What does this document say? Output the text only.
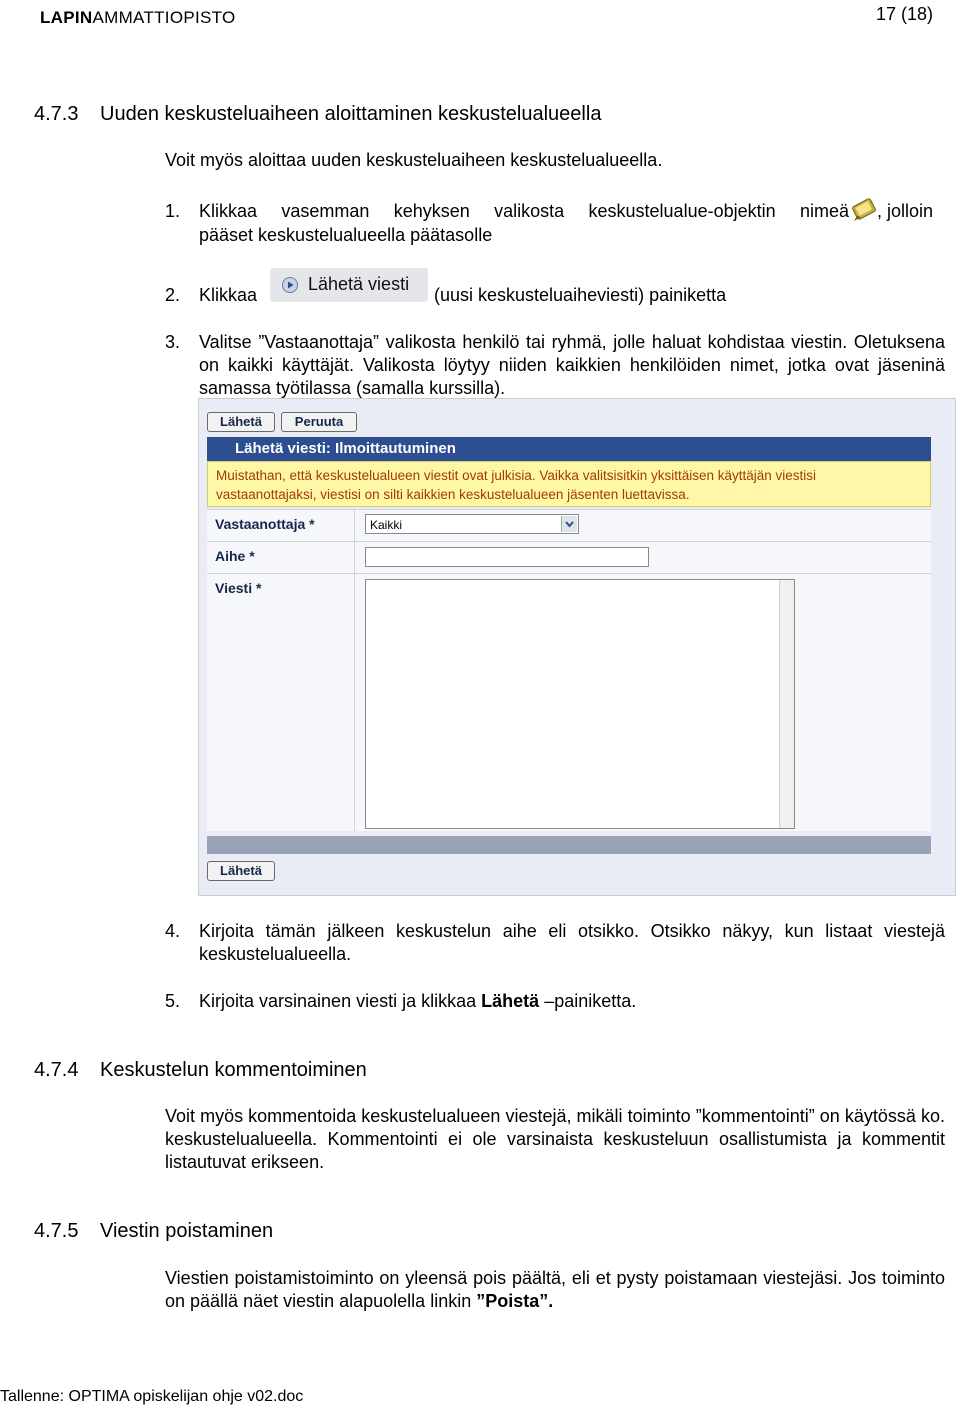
LAPINAMMATTIOPISTO	17 (18)
4.7.3 Uuden keskusteluaiheen aloittaminen keskustelualueella
Voit myös aloittaa uuden keskusteluaiheen keskustelualueella.
1. Klikkaa vasemman kehyksen valikosta keskustelualue-objektin nimeä , jolloin
pääset keskustelualueella päätasolle
2. Klikkaa
Lähetä viesti
(uusi keskusteluaiheviesti) painiketta
3. Valitse ”Vastaanottaja” valikosta henkilö tai ryhmä, jolle haluat kohdistaa viestin. Oletuksena on kaikki käyttäjät. Valikosta löytyy niiden kaikkien henkilöiden nimet, jotka ovat jäseninä samassa työtilassa (samalla kurssilla).
Lähetä	Peruuta
Lähetä viesti: Ilmoittautuminen
Muistathan, että keskustelualueen viestit ovat julkisia. Vaikka valitsisitkin yksittäisen käyttäjän viestisi
vastaanottajaksi, viestisi on silti kaikkien keskustelualueen jäsenten luettavissa.
Vastaanottaja *	Kaikki
Aihe *
Viesti *
Lähetä
4. Kirjoita tämän jälkeen keskustelun aihe eli otsikko. Otsikko näkyy, kun listaat viestejä keskustelualueella.
5. Kirjoita varsinainen viesti ja klikkaa Lähetä –painiketta.
4.7.4 Keskustelun kommentoiminen
Voit myös kommentoida keskustelualueen viestejä, mikäli toiminto ”kommentointi” on käytössä ko. keskustelualueella. Kommentointi ei ole varsinaista keskusteluun osallistumista ja kommentit listautuvat erikseen.
4.7.5 Viestin poistaminen
Viestien poistamistoiminto on yleensä pois päältä, eli et pysty poistamaan viestejäsi. Jos toiminto on päällä näet viestin alapuolella linkin ”Poista”.
Tallenne: OPTIMA opiskelijan ohje v02.doc
